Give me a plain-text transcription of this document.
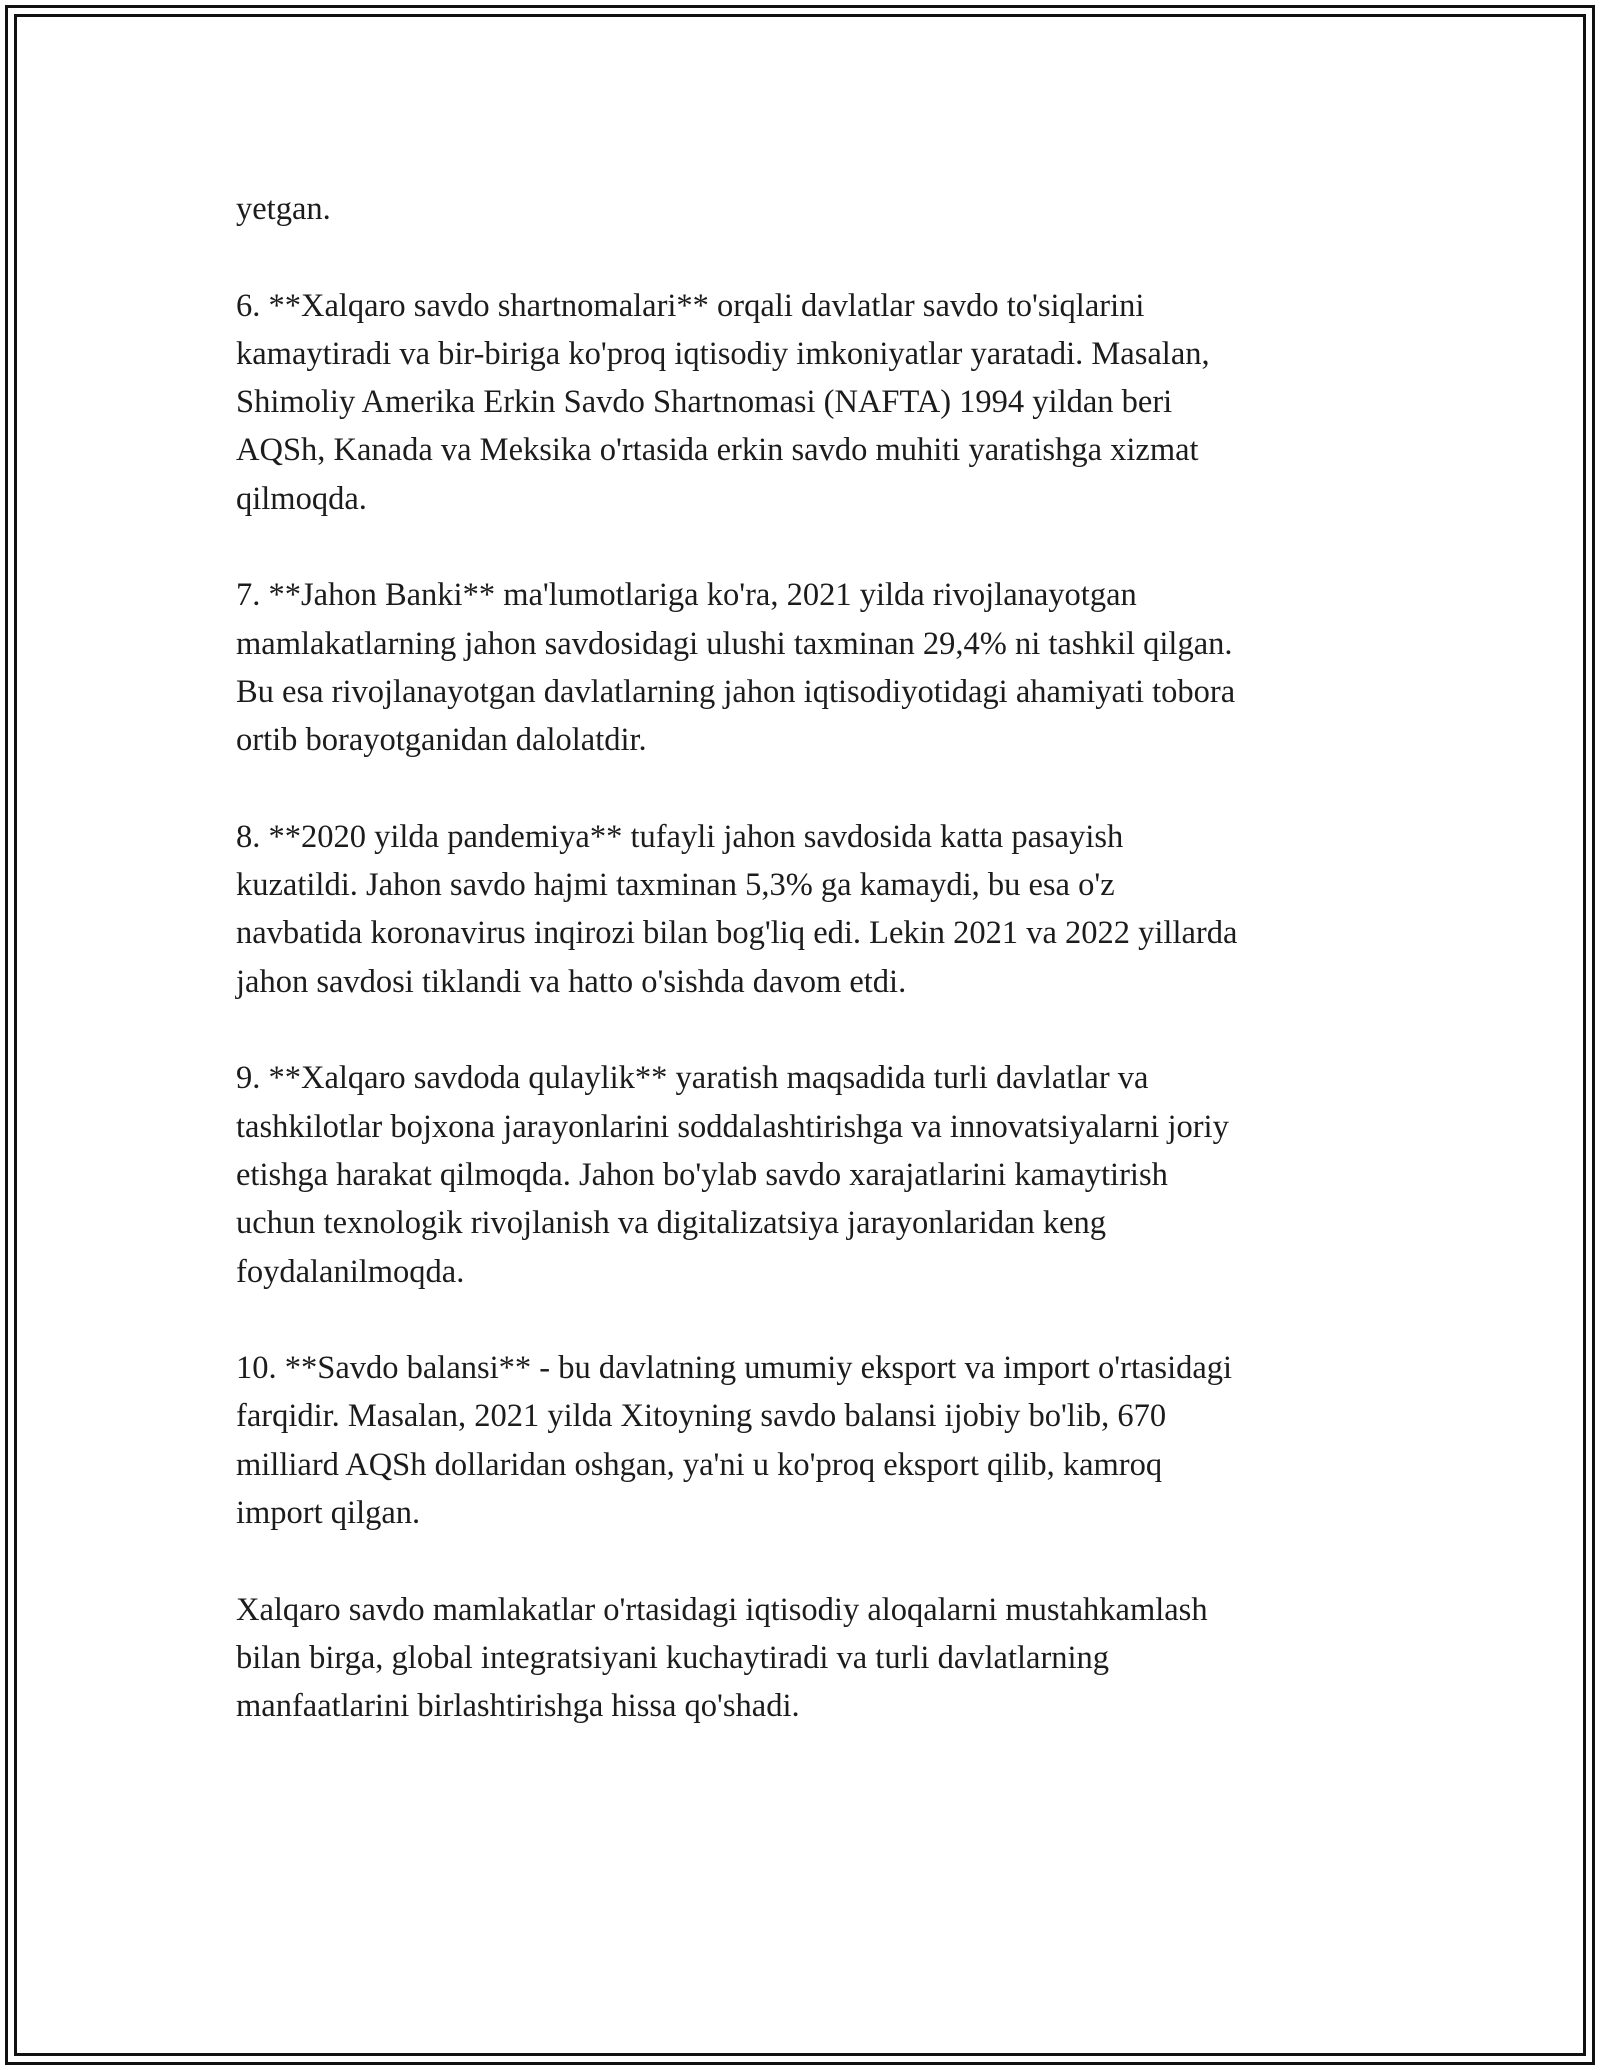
yetgan.

6. **Xalqaro savdo shartnomalari** orqali davlatlar savdo to'siqlarini
kamaytiradi va bir-biriga ko'proq iqtisodiy imkoniyatlar yaratadi. Masalan,
Shimoliy Amerika Erkin Savdo Shartnomasi (NAFTA) 1994 yildan beri
AQSh, Kanada va Meksika o'rtasida erkin savdo muhiti yaratishga xizmat
qilmoqda.

7. **Jahon Banki** ma'lumotlariga ko'ra, 2021 yilda rivojlanayotgan
mamlakatlarning jahon savdosidagi ulushi taxminan 29,4% ni tashkil qilgan.
Bu esa rivojlanayotgan davlatlarning jahon iqtisodiyotidagi ahamiyati tobora
ortib borayotganidan dalolatdir.

8. **2020 yilda pandemiya** tufayli jahon savdosida katta pasayish
kuzatildi. Jahon savdo hajmi taxminan 5,3% ga kamaydi, bu esa o'z
navbatida koronavirus inqirozi bilan bog'liq edi. Lekin 2021 va 2022 yillarda
jahon savdosi tiklandi va hatto o'sishda davom etdi.

9. **Xalqaro savdoda qulaylik** yaratish maqsadida turli davlatlar va
tashkilotlar bojxona jarayonlarini soddalashtirishga va innovatsiyalarni joriy
etishga harakat qilmoqda. Jahon bo'ylab savdo xarajatlarini kamaytirish
uchun texnologik rivojlanish va digitalizatsiya jarayonlaridan keng
foydalanilmoqda.

10. **Savdo balansi** - bu davlatning umumiy eksport va import o'rtasidagi
farqidir. Masalan, 2021 yilda Xitoyning savdo balansi ijobiy bo'lib, 670
milliard AQSh dollaridan oshgan, ya'ni u ko'proq eksport qilib, kamroq
import qilgan.

Xalqaro savdo mamlakatlar o'rtasidagi iqtisodiy aloqalarni mustahkamlash
bilan birga, global integratsiyani kuchaytiradi va turli davlatlarning
manfaatlarini birlashtirishga hissa qo'shadi.
